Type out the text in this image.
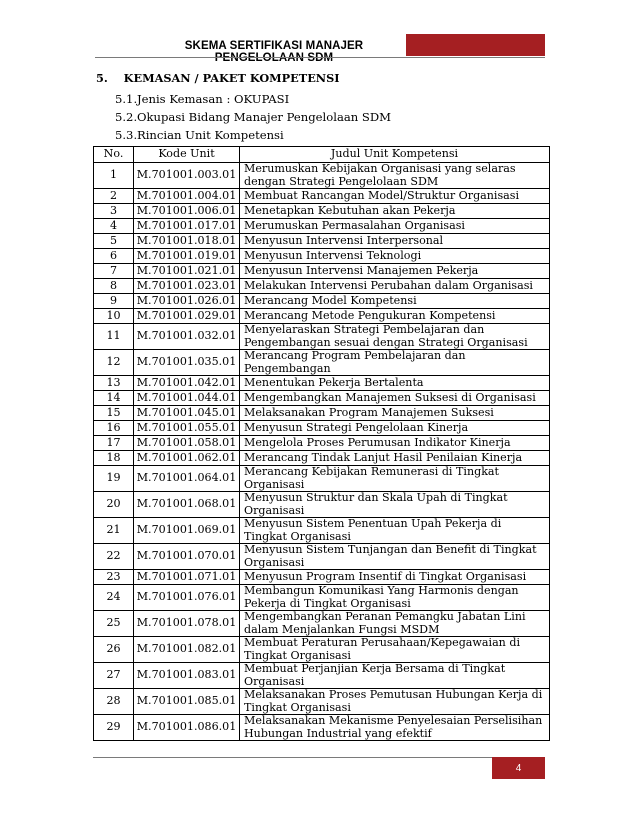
SKEMA SERTIFIKASI MANAJER PENGELOLAAN SDM
5. KEMASAN / PAKET KOMPETENSI
5.1.Jenis Kemasan : OKUPASI
5.2.Okupasi Bidang Manajer Pengelolaan SDM
5.3.Rincian Unit Kompetensi
No.	Kode Unit	Judul Unit Kompetensi
1	M.701001.003.01	Merumuskan Kebijakan Organisasi yang selaras dengan Strategi Pengelolaan SDM
2	M.701001.004.01	Membuat Rancangan Model/Struktur Organisasi
3	M.701001.006.01	Menetapkan Kebutuhan akan Pekerja
4	M.701001.017.01	Merumuskan Permasalahan Organisasi
5	M.701001.018.01	Menyusun Intervensi Interpersonal
6	M.701001.019.01	Menyusun Intervensi Teknologi
7	M.701001.021.01	Menyusun Intervensi Manajemen Pekerja
8	M.701001.023.01	Melakukan Intervensi Perubahan dalam Organisasi
9	M.701001.026.01	Merancang Model Kompetensi
10	M.701001.029.01	Merancang Metode Pengukuran Kompetensi
11	M.701001.032.01	Menyelaraskan Strategi Pembelajaran dan Pengembangan sesuai dengan Strategi Organisasi
12	M.701001.035.01	Merancang Program Pembelajaran dan Pengembangan
13	M.701001.042.01	Menentukan Pekerja Bertalenta
14	M.701001.044.01	Mengembangkan Manajemen Suksesi di Organisasi
15	M.701001.045.01	Melaksanakan Program Manajemen Suksesi
16	M.701001.055.01	Menyusun Strategi Pengelolaan Kinerja
17	M.701001.058.01	Mengelola Proses Perumusan Indikator Kinerja
18	M.701001.062.01	Merancang Tindak Lanjut Hasil Penilaian Kinerja
19	M.701001.064.01	Merancang Kebijakan Remunerasi di Tingkat Organisasi
20	M.701001.068.01	Menyusun Struktur dan Skala Upah di Tingkat Organisasi
21	M.701001.069.01	Menyusun Sistem Penentuan Upah Pekerja di Tingkat Organisasi
22	M.701001.070.01	Menyusun Sistem Tunjangan dan Benefit di Tingkat Organisasi
23	M.701001.071.01	Menyusun Program Insentif di Tingkat Organisasi
24	M.701001.076.01	Membangun Komunikasi Yang Harmonis dengan Pekerja di Tingkat Organisasi
25	M.701001.078.01	Mengembangkan Peranan Pemangku Jabatan Lini dalam Menjalankan Fungsi MSDM
26	M.701001.082.01	Membuat Peraturan Perusahaan/Kepegawaian di Tingkat Organisasi
27	M.701001.083.01	Membuat Perjanjian Kerja Bersama di Tingkat Organisasi
28	M.701001.085.01	Melaksanakan Proses Pemutusan Hubungan Kerja di Tingkat Organisasi
29	M.701001.086.01	Melaksanakan Mekanisme Penyelesaian Perselisihan Hubungan Industrial yang efektif
4
